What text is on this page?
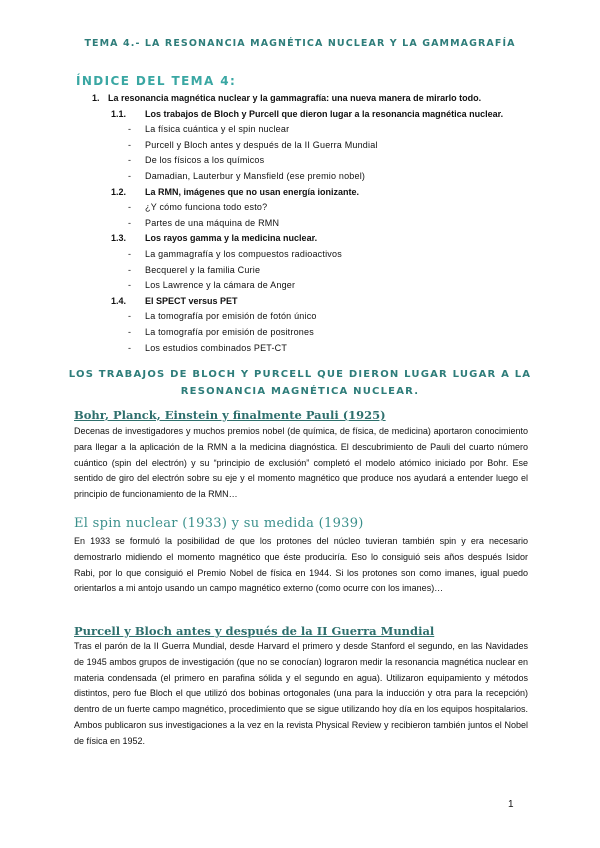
TEMA 4.- LA RESONANCIA MAGNÉTICA NUCLEAR Y LA GAMMAGRAFÍA
ÍNDICE DEL TEMA 4:
1. La resonancia magnética nuclear y la gammagrafía: una nueva manera de mirarlo todo.
1.1. Los trabajos de Bloch y Purcell que dieron lugar a la resonancia magnética nuclear.
- La física cuántica y el spin nuclear
- Purcell y Bloch antes y después de la II Guerra Mundial
- De los físicos a los químicos
- Damadian, Lauterbur y Mansfield (ese premio nobel)
1.2. La RMN, imágenes que no usan energía ionizante.
- ¿Y cómo funciona todo esto?
- Partes de una máquina de RMN
1.3. Los rayos gamma y la medicina nuclear.
- La gammagrafía y los compuestos radioactivos
- Becquerel y la familia Curie
- Los Lawrence y la cámara de Anger
1.4. El SPECT versus PET
- La tomografía por emisión de fotón único
- La tomografía por emisión de positrones
- Los estudios combinados PET-CT
LOS TRABAJOS DE BLOCH Y PURCELL QUE DIERON LUGAR LUGAR A LA
RESONANCIA MAGNÉTICA NUCLEAR.
Bohr, Planck, Einstein y finalmente Pauli (1925)
Decenas de investigadores y muchos premios nobel (de química, de física, de medicina) aportaron conocimiento para llegar a la aplicación de la RMN a la medicina diagnóstica. El descubrimiento de Pauli del cuarto número cuántico (spin del electrón) y su “principio de exclusión” completó el modelo atómico iniciado por Bohr. Ese sentido de giro del electrón sobre su eje y el momento magnético que produce nos ayudará a entender luego el principio de funcionamiento de la RMN…
El spin nuclear (1933) y su medida (1939)
En 1933 se formuló la posibilidad de que los protones del núcleo tuvieran también spin y era necesario demostrarlo midiendo el momento magnético que éste produciría. Eso lo consiguió seis años después Isidor Rabi, por lo que consiguió el Premio Nobel de física en 1944. Si los protones son como imanes, igual puedo orientarlos a mi antojo usando un campo magnético externo (como ocurre con los imanes)…
Purcell y Bloch antes y después de la II Guerra Mundial
Tras el parón de la II Guerra Mundial, desde Harvard el primero y desde Stanford el segundo, en las Navidades de 1945 ambos grupos de investigación (que no se conocían) lograron medir la resonancia magnética nuclear en materia condensada (el primero en parafina sólida y el segundo en agua). Utilizaron equipamiento y métodos distintos, pero fue Bloch el que utilizó dos bobinas ortogonales (una para la inducción y otra para la recepción) dentro de un fuerte campo magnético, procedimiento que se sigue utilizando hoy día en los equipos hospitalarios. Ambos publicaron sus investigaciones a la vez en la revista Physical Review y recibieron también juntos el Nobel de física en 1952.
1
